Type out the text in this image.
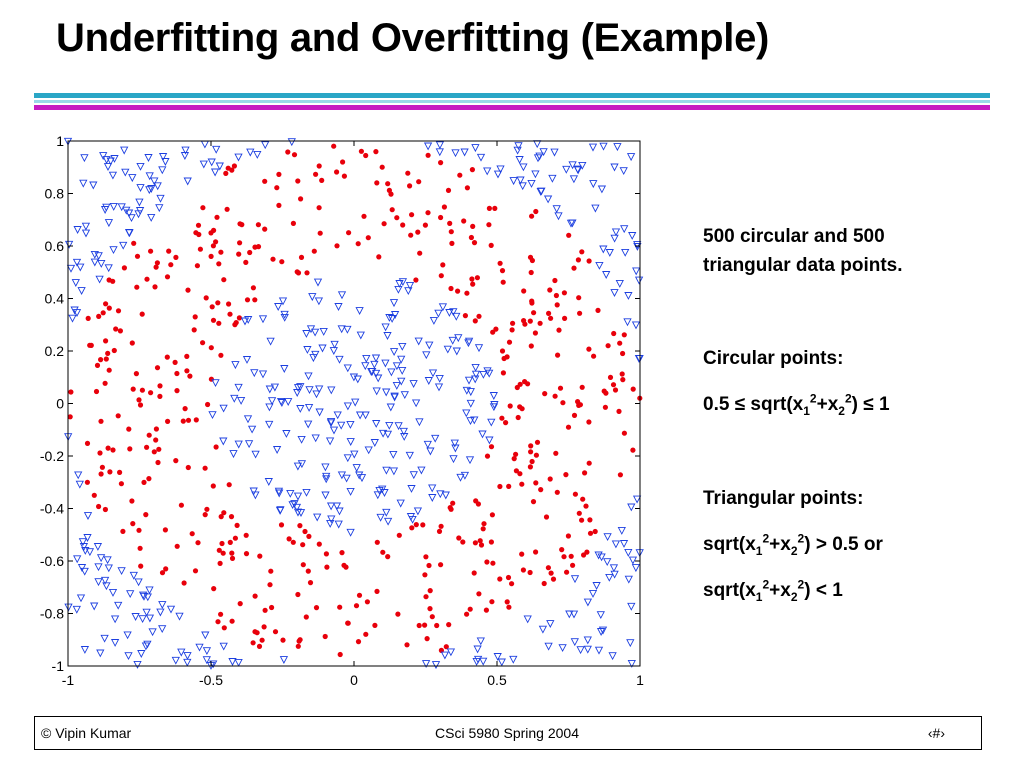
Underfitting and Overfitting (Example)
-1	-0.5	0	0.5	1
1
0.8
0.6
0.4
0.2
0
-0.2
-0.4
-0.6
-0.8
-1
500 circular and 500
triangular data points.
Circular points:
$0.5 \le sqrt(x_1^2+x_2^2) \le 1$
Triangular points:
$sqrt(x_1^2+x_2^2) > 0.5$ or
$sqrt(x_1^2+x_2^2) < 1$
© Vipin Kumar	CSci 5980 Spring 2004	‹#›
